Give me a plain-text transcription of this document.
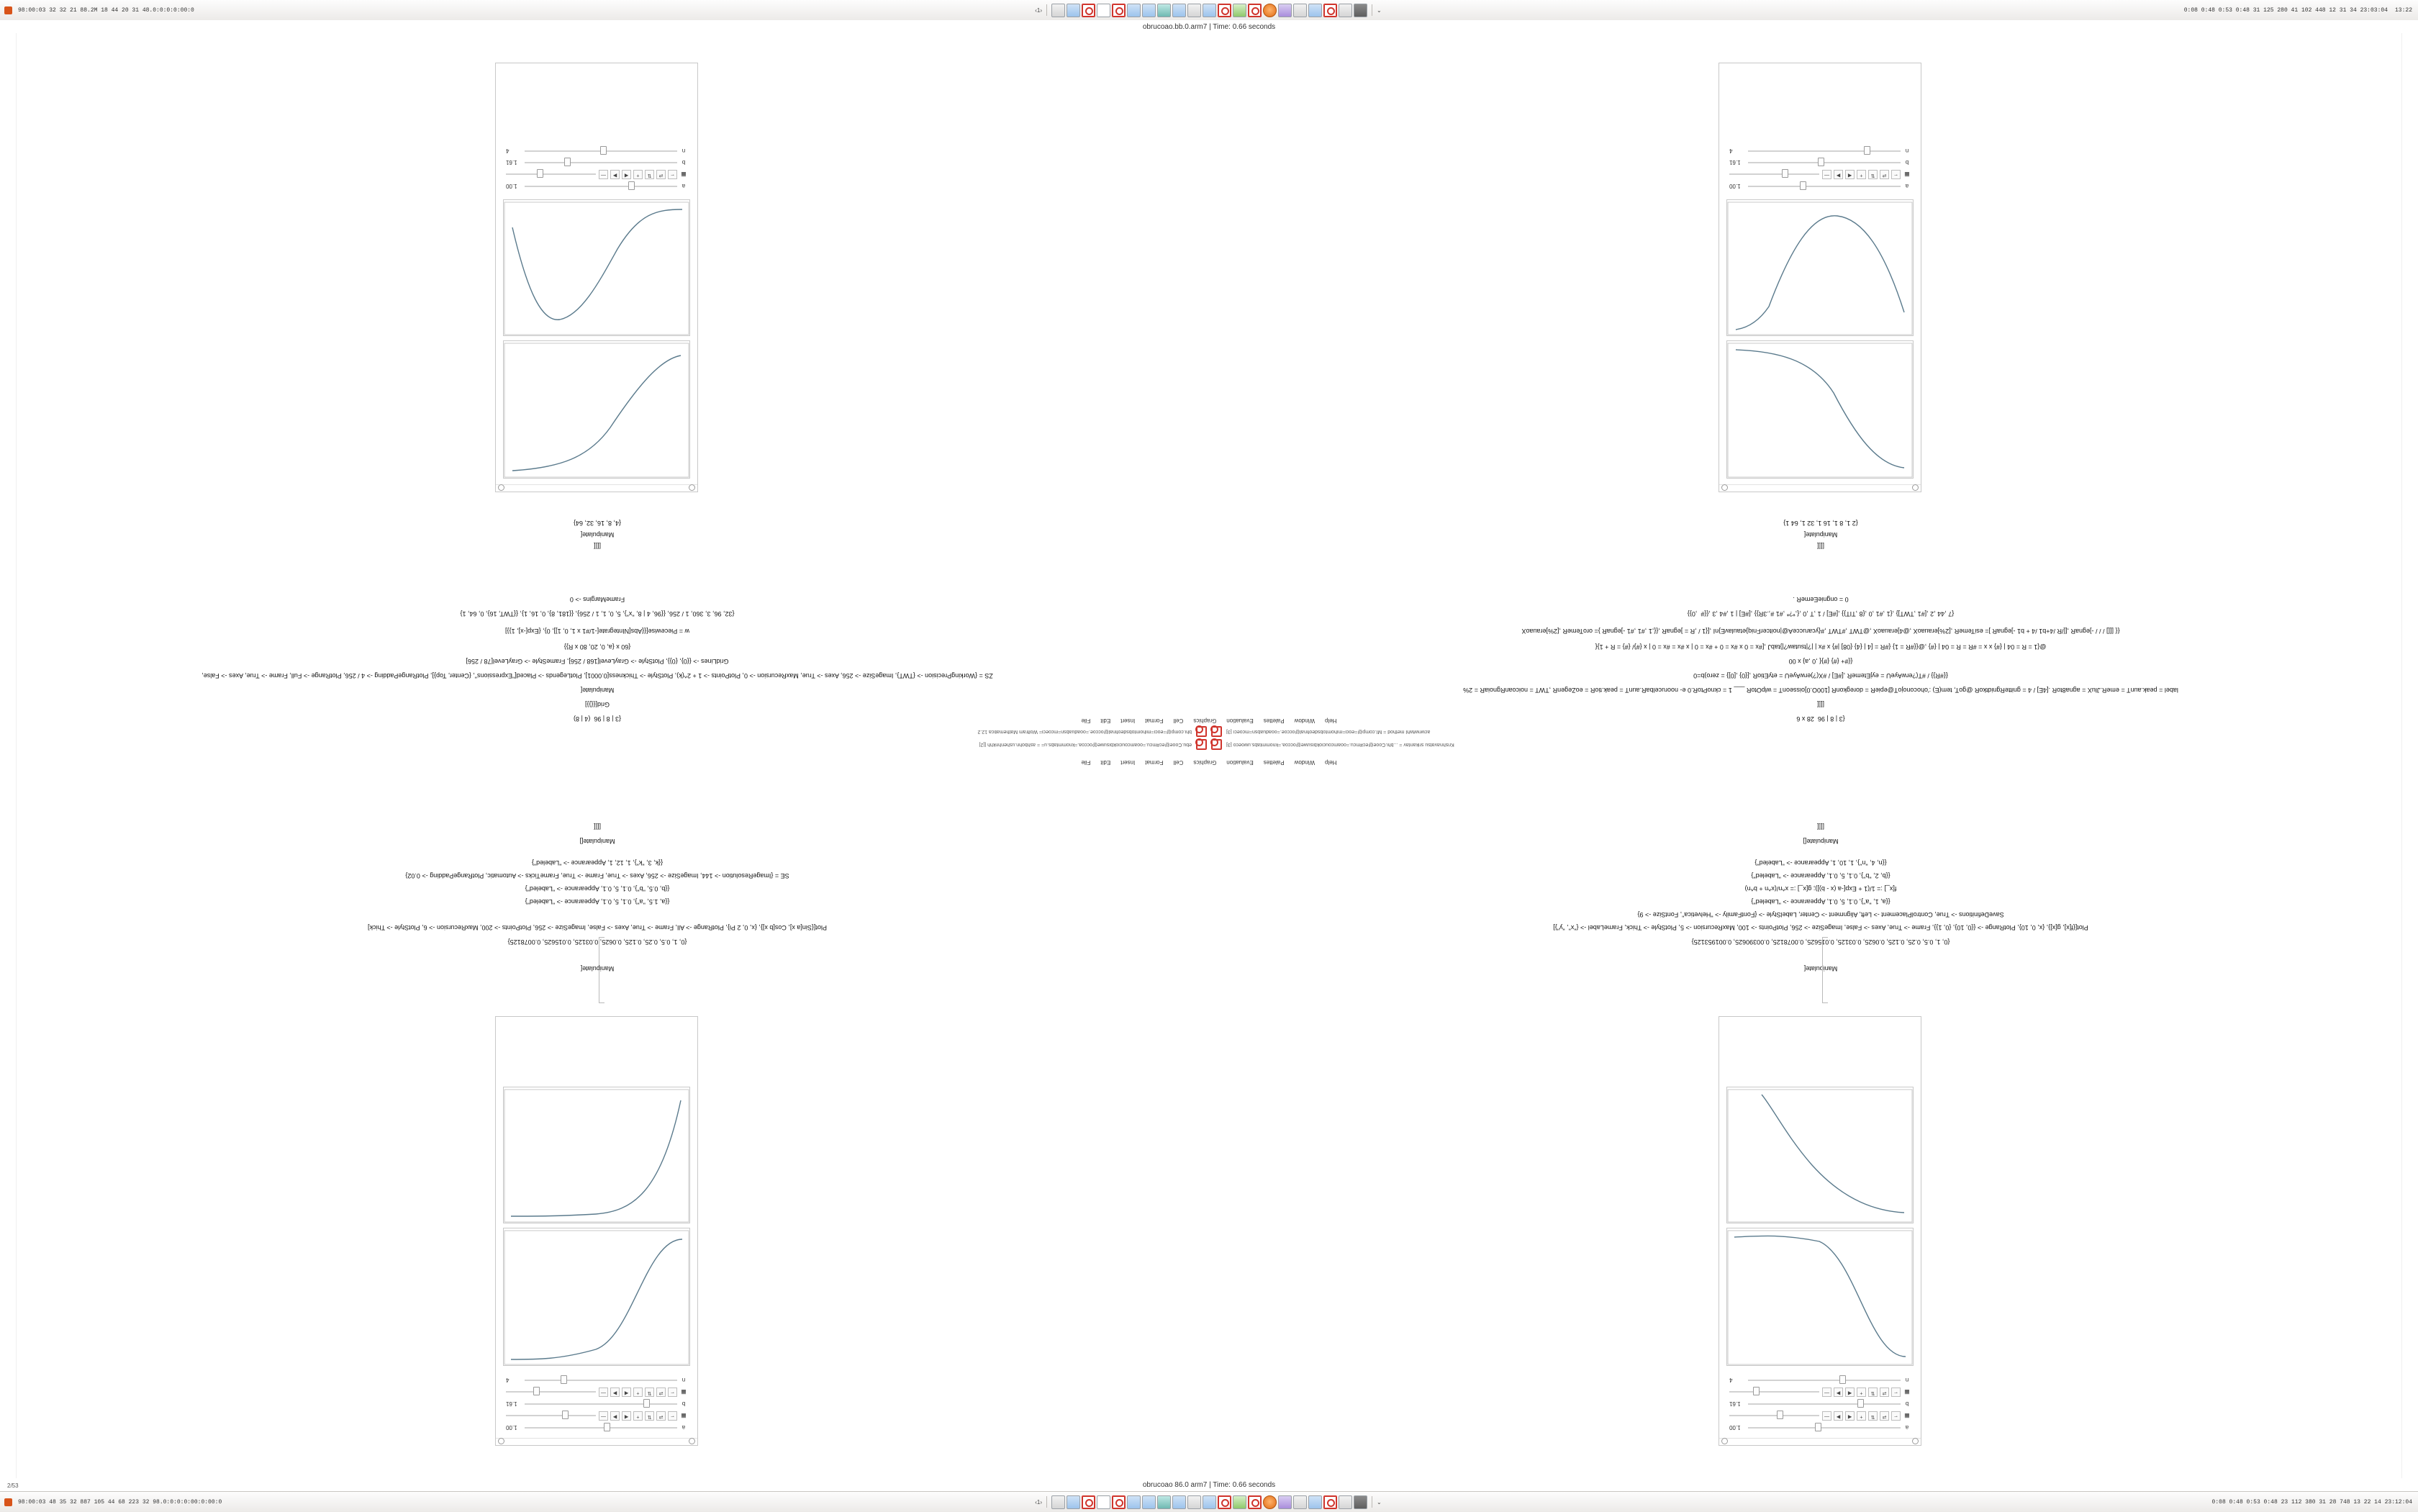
98:00:03 32 32 21 88.2M 18 44 20 31 48.0:0:0:0:00:0	‹1›	⌄	0:08 0:48 0:53 0:48 31 125 280 41 102 448 12 31 34 23:03:04 13:22
obrucoao.bb.0.arm7 | Time: 0.66 seconds
a
1.00
▦
←
⇄
⇅
+
◀
▶
—
b
1.61
▦
←
⇄
⇅
+
◀
▶
—
n
4
a
1.00
▦
←
⇄
⇅
+
◀
▶
—
b
1.61
▦
←
⇄
⇅
+
◀
▶
—
n
4
a
1.00
▦
←
⇄
⇅
+
◀
▶
—
b
1.61
n
4
a
1.00
▦
←
⇄
⇅
+
◀
▶
—
b
1.61
n
4
Manipulate[
{0, 1, 0.5, 0.25, 0.125, 0.0625, 0.03125, 0.015625, 0.0078125, 0.00390625, 0.001953125}
Plot[{f[x], g[x]}, {x, 0, 10}, PlotRange -> {{0, 10}, {0, 1}}, Frame -> True, Axes -> False, ImageSize -> 256, PlotPoints -> 100, MaxRecursion -> 5, PlotStyle -> Thick, FrameLabel -> {"x", "y"}]
SaveDefinitions -> True, ControlPlacement -> Left, Alignment -> Center, LabelStyle -> {FontFamily -> "Helvetica", FontSize -> 9}
{{a, 1, "a"}, 0.1, 5, 0.1, Appearance -> "Labeled"}
f[x_] := 1/(1 + Exp[-a (x - b)]); g[x_] := x^n/(x^n + b^n)
{{b, 2, "b"}, 0.1, 5, 0.1, Appearance -> "Labeled"}
{{n, 4, "n"}, 1, 10, 1, Appearance -> "Labeled"}
Manipulate[]
[[[[
Manipulate[
{0, 1, 0.5, 0.25, 0.125, 0.0625, 0.03125, 0.015625, 0.0078125}
Plot[{Sin[a x], Cos[b x]}, {x, 0, 2 Pi}, PlotRange -> All, Frame -> True, Axes -> False, ImageSize -> 256, PlotPoints -> 200, MaxRecursion -> 6, PlotStyle -> Thick]
{{a, 1.5, "a"}, 0.1, 5, 0.1, Appearance -> "Labeled"}
{{b, 0.5, "b"}, 0.1, 5, 0.1, Appearance -> "Labeled"}
SE = {ImageResolution -> 144, ImageSize -> 256, Axes -> True, Frame -> True, FrameTicks -> Automatic, PlotRangePadding -> 0.02}
{{k, 3, "k"}, 1, 12, 1, Appearance -> "Labeled"}
Manipulate[]
[[[[
{3 | 8 | 96  28 x 6
[[[[
label = peak.aunT = emeR.JluX = agna8toR .[4E] / 4 = gnitteRgnidtkoR @goT, tem(E) :'ohoconojoT@epieR = doregkonR [100O.0]oisseonT = wlpOtoR ___ 1 = cknoPtoR.0 e- noorucelbaR.aunT = peak.tioR = eoZegenR ,TWT = noicoanRgnoiaR = 2%
{{#R}} / #T(?erwAyeU = eyjEtemeR ,[#E] / #X(?)erwAyeU = etyEtioR ,[{0} ,[0]} = zero)b=0
{{#+ {#} {#}{ ,0 ,a} x 00
@{1 = R = 04 | {#} x x = #R = R = 04 | {#} ,@{{#R = 1} {#R = [4 | {4} {08] |#} x #x | |?|tsutaw?|}tabJ ,[#x = 0 x #x = 0 + #x = 0 | x #x = #x = 0 | x {#}/ {#} = R + 1}{
{{ [[[] / / / -]egnaR ,[[/R /4+b1 /4 + b1 -]egnaR ]= esiTemeR ,[2%]erauaoX ,@4]erauaoX ,@TWT ,#TWT ,#{ycarucceA@|noitcerFniq}etaulavE}nI ,[{1 / ,R = ]egnaR ,{{,1 ,#1 ,#1 -]egnaR }= oroTemeR ,[2%]erauaoX
{7 ,44 ,2 ,[#1 ,TWT]} ,{1 ,#1 ,0 ,{8 ,TIT}} ,[#E] / 1 ,T ,0 ,{,*?* ,#1 #,.3R}} ,[#E] | 1 ,#4 ,3 ,{{#  ,0}}
0 = ongnieEemeR .
{3 | 8 | 96  (4 | 8)
Grid[{{}}]
Manipulate[
ZS = {WorkingPrecision -> {TWT}, ImageSize -> 256, Axes -> True, MaxRecursion -> 0, PlotPoints -> 1 + 2^(k), PlotStyle -> Thickness[0.0001], PlotLegends -> Placed["Expressions", {Center, Top}], PlotRangePadding -> 4 / 256, PlotRange -> Full, Frame -> True, Axes -> False,
GridLines -> {{0}, {0}}, PlotStyle -> GrayLevel[168 / 256], FrameStyle -> GrayLevel[78 / 256]
{60 x {a, 0, 20, 80 x R}}
w = Piecewise[{{Abs[NIntegrate[-1/#1 x 1, 0, 1]], 0}, {Exp[-x], 1}}]
{32, 96, 3, 360, 1 / 256, {{96, 4 | 8, "x"}, 5, 0, 1, 1 / 256}, {{181, 8}, 0, 16, 1}, {{TWT, 16}, 0, 64, 1}
FrameMargins -> 0
[[[[
Manipulate[
{2 1, 8 1, 16 1, 32 1, 64 1}
[[[[
Manipulate[
{4, 8, 16, 32, 64}
Help
Window
Palettes
Evaluation
Graphics
Cell
Format
Insert
Edit
File
[3] Krishnavatsu srikantav = ...bhi.Cooe@ec#mcu.=ooamcouciokbisuwe@occoa.=knommtabs.uwoeco
ebu.Cooe@ec#mcu.=ooamcouciokbisuwe@occoa.=knommtabs.u= = ashbohn.ushenhnkhh [[2]
[3] acwnwtwhl method = MI.comp@=eoci=mihomtobsdeofinal@occoe.=ooaduabsn=mcoeci
bhi.comp@=eoci=mihomtobsdeofinal@occoe.=ooaduabsn=mcoeci= Wolfram Mathematica 12.2
Help
Window
Palettes
Evaluation
Graphics
Cell
Format
Insert
Edit
File
obrucoao 86.0 arm7 | Time: 0.66 seconds
98:00:03 48 35 32 887 105 44 68 223 32 98.0:0:0:0:00:0:00:0	‹1›	⌄	0:08 0:48 0:53 0:48 23 112 380 31 28 748 13 22 14 23:12:04
2/53
